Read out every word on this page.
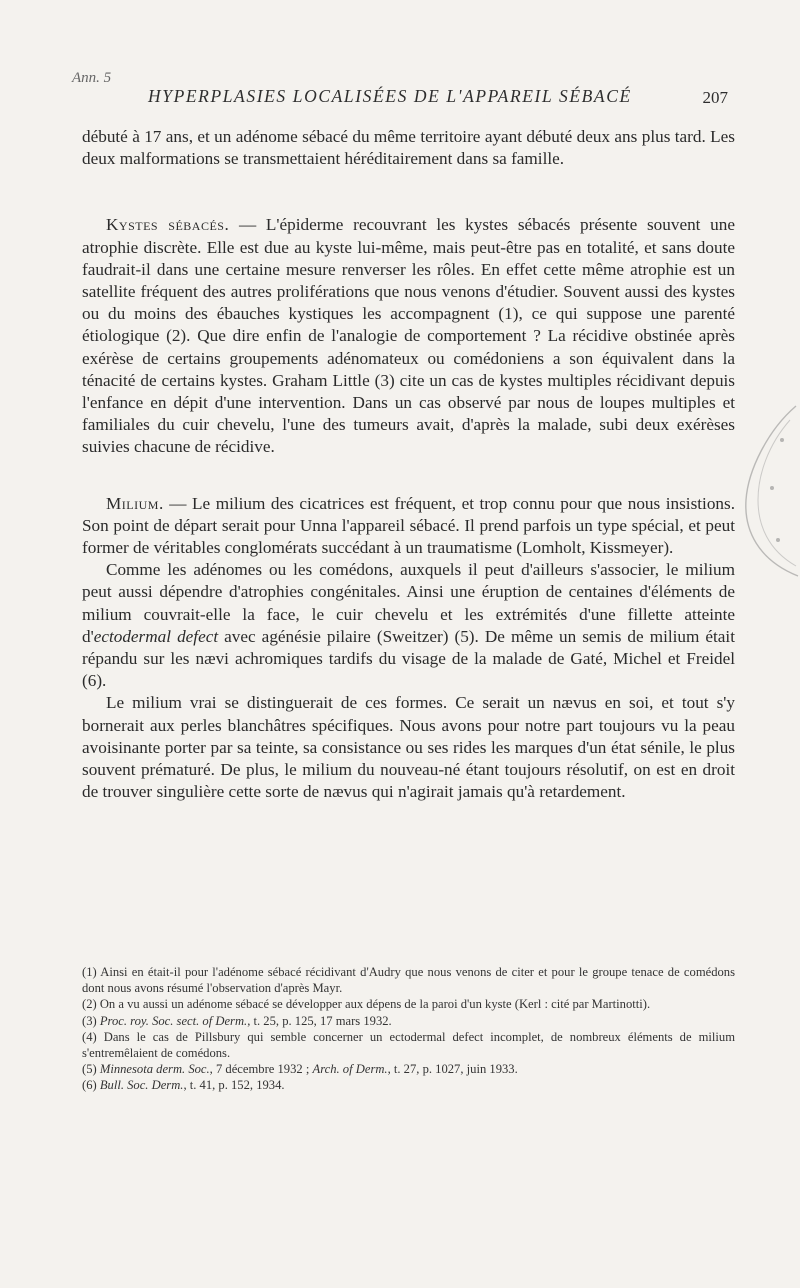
Ann. 5
HYPERPLASIES LOCALISÉES DE L'APPAREIL SÉBACÉ	207

débuté à 17 ans, et un adénome sébacé du même territoire ayant débuté deux ans plus tard. Les deux malformations se transmettaient héréditairement dans sa famille.

Kystes sébacés. — L'épiderme recouvrant les kystes sébacés présente souvent une atrophie discrète. Elle est due au kyste lui-même, mais peut-être pas en totalité, et sans doute faudrait-il dans une certaine mesure renverser les rôles. En effet cette même atrophie est un satellite fréquent des autres proliférations que nous venons d'étudier. Souvent aussi des kystes ou du moins des ébauches kystiques les accompagnent (1), ce qui suppose une parenté étiologique (2). Que dire enfin de l'analogie de comportement ? La récidive obstinée après exérèse de certains groupements adénomateux ou comédoniens a son équivalent dans la ténacité de certains kystes. Graham Little (3) cite un cas de kystes multiples récidivant depuis l'enfance en dépit d'une intervention. Dans un cas observé par nous de loupes multiples et familiales du cuir chevelu, l'une des tumeurs avait, d'après la malade, subi deux exérèses suivies chacune de récidive.

Milium. — Le milium des cicatrices est fréquent, et trop connu pour que nous insistions. Son point de départ serait pour Unna l'appareil sébacé. Il prend parfois un type spécial, et peut former de véritables conglomérats succédant à un traumatisme (Lomholt, Kissmeyer).

Comme les adénomes ou les comédons, auxquels il peut d'ailleurs s'associer, le milium peut aussi dépendre d'atrophies congénitales. Ainsi une éruption de centaines d'éléments de milium couvrait-elle la face, le cuir chevelu et les extrémités d'une fillette atteinte d'ectodermal defect avec agénésie pilaire (Sweitzer) (5). De même un semis de milium était répandu sur les nævi achromiques tardifs du visage de la malade de Gaté, Michel et Freidel (6).

Le milium vrai se distinguerait de ces formes. Ce serait un nævus en soi, et tout s'y bornerait aux perles blanchâtres spécifiques. Nous avons pour notre part toujours vu la peau avoisinante porter par sa teinte, sa consistance ou ses rides les marques d'un état sénile, le plus souvent prématuré. De plus, le milium du nouveau-né étant toujours résolutif, on est en droit de trouver singulière cette sorte de nævus qui n'agirait jamais qu'à retardement.

(1) Ainsi en était-il pour l'adénome sébacé récidivant d'Audry que nous venons de citer et pour le groupe tenace de comédons dont nous avons résumé l'observation d'après Mayr.

(2) On a vu aussi un adénome sébacé se développer aux dépens de la paroi d'un kyste (Kerl : cité par Martinotti).

(3) Proc. roy. Soc. sect. of Derm., t. 25, p. 125, 17 mars 1932.

(4) Dans le cas de Pillsbury qui semble concerner un ectodermal defect incomplet, de nombreux éléments de milium s'entremêlaient de comédons.

(5) Minnesota derm. Soc., 7 décembre 1932 ; Arch. of Derm., t. 27, p. 1027, juin 1933.

(6) Bull. Soc. Derm., t. 41, p. 152, 1934.
